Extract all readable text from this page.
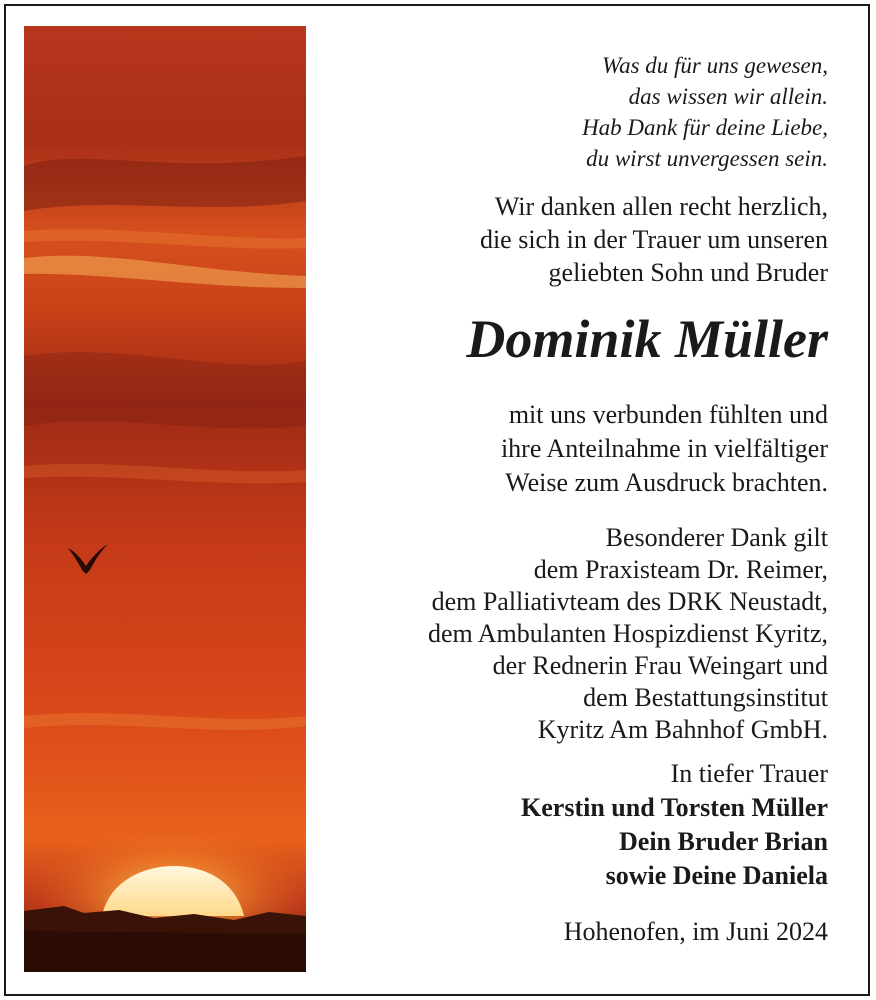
Was du für uns gewesen,
das wissen wir allein.
Hab Dank für deine Liebe,
du wirst unvergessen sein.
Wir danken allen recht herzlich,
die sich in der Trauer um unseren
geliebten Sohn und Bruder
Dominik Müller
mit uns verbunden fühlten und
ihre Anteilnahme in vielfältiger
Weise zum Ausdruck brachten.
Besonderer Dank gilt
dem Praxisteam Dr. Reimer,
dem Palliativteam des DRK Neustadt,
dem Ambulanten Hospizdienst Kyritz,
der Rednerin Frau Weingart und
dem Bestattungsinstitut
Kyritz Am Bahnhof GmbH.
In tiefer Trauer
Kerstin und Torsten Müller
Dein Bruder Brian
sowie Deine Daniela
Hohenofen, im Juni 2024
